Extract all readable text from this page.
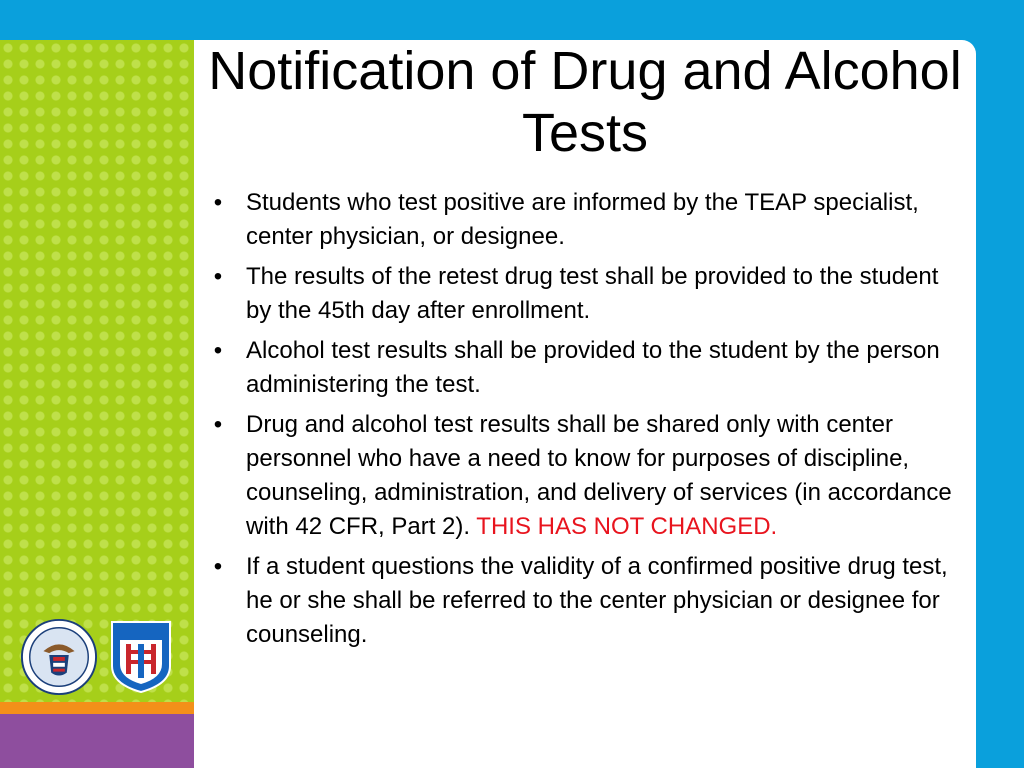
Notification of Drug and Alcohol Tests
• Students who test positive are informed by the TEAP specialist, center physician, or designee.
• The results of the retest drug test shall be provided to the student by the 45th day after enrollment.
• Alcohol test results shall be provided to the student by the person administering the test.
• Drug and alcohol test results shall be shared only with center personnel who have a need to know for purposes of discipline, counseling, administration, and delivery of services (in accordance with 42 CFR, Part 2). THIS HAS NOT CHANGED.
• If a student questions the validity of a confirmed positive drug test, he or she shall be referred to the center physician or designee for counseling.
